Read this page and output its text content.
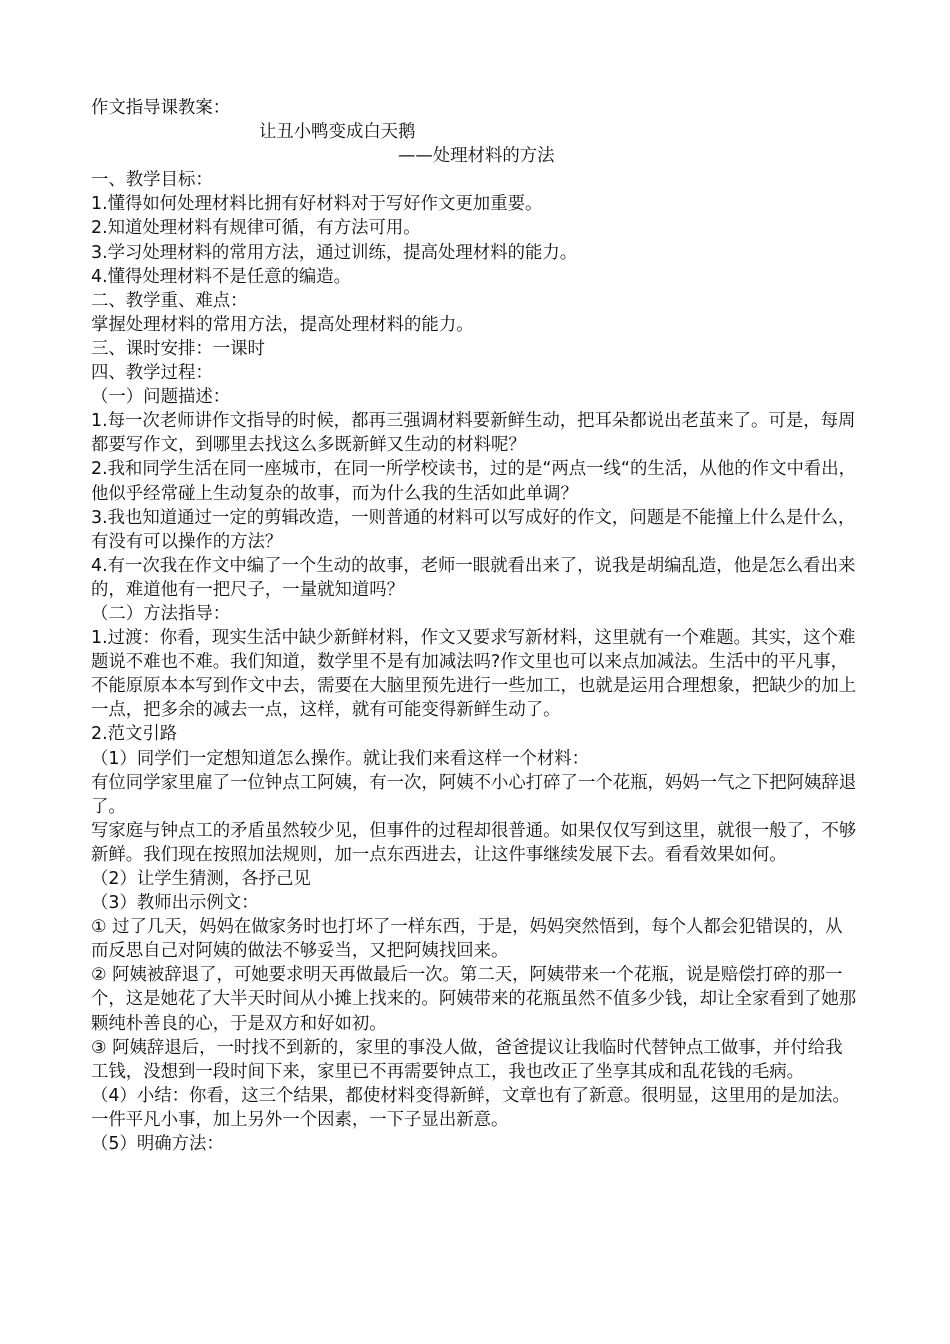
作文指导课教案：

让丑小鸭变成白天鹅

——处理材料的方法

一、教学目标：

1.懂得如何处理材料比拥有好材料对于写好作文更加重要。

2.知道处理材料有规律可循，有方法可用。

3.学习处理材料的常用方法，通过训练，提高处理材料的能力。

4.懂得处理材料不是任意的编造。

二、教学重、难点：

掌握处理材料的常用方法，提高处理材料的能力。

三、课时安排：一课时

四、教学过程：

（一）问题描述：

1.每一次老师讲作文指导的时候，都再三强调材料要新鲜生动，把耳朵都说出老茧来了。可是，每周都要写作文，到哪里去找这么多既新鲜又生动的材料呢？

2.我和同学生活在同一座城市，在同一所学校读书，过的是“两点一线“的生活，从他的作文中看出，他似乎经常碰上生动复杂的故事，而为什么我的生活如此单调？

3.我也知道通过一定的剪辑改造，一则普通的材料可以写成好的作文，问题是不能撞上什么是什么，有没有可以操作的方法？

4.有一次我在作文中编了一个生动的故事，老师一眼就看出来了，说我是胡编乱造，他是怎么看出来的，难道他有一把尺子，一量就知道吗？

（二）方法指导：

1.过渡：你看，现实生活中缺少新鲜材料，作文又要求写新材料，这里就有一个难题。其实，这个难题说不难也不难。我们知道，数学里不是有加减法吗?作文里也可以来点加减法。生活中的平凡事，不能原原本本写到作文中去，需要在大脑里预先进行一些加工，也就是运用合理想象，把缺少的加上一点，把多余的减去一点，这样，就有可能变得新鲜生动了。

2.范文引路

（1）同学们一定想知道怎么操作。就让我们来看这样一个材料：

有位同学家里雇了一位钟点工阿姨，有一次，阿姨不小心打碎了一个花瓶，妈妈一气之下把阿姨辞退了。

写家庭与钟点工的矛盾虽然较少见，但事件的过程却很普通。如果仅仅写到这里，就很一般了，不够新鲜。我们现在按照加法规则，加一点东西进去，让这件事继续发展下去。看看效果如何。

（2）让学生猜测，各抒己见

（3）教师出示例文：

① 过了几天，妈妈在做家务时也打坏了一样东西，于是，妈妈突然悟到，每个人都会犯错误的，从而反思自己对阿姨的做法不够妥当，又把阿姨找回来。

② 阿姨被辞退了，可她要求明天再做最后一次。第二天，阿姨带来一个花瓶，说是赔偿打碎的那一个，这是她花了大半天时间从小摊上找来的。阿姨带来的花瓶虽然不值多少钱，却让全家看到了她那颗纯朴善良的心，于是双方和好如初。

③ 阿姨辞退后，一时找不到新的，家里的事没人做，爸爸提议让我临时代替钟点工做事，并付给我工钱，没想到一段时间下来，家里已不再需要钟点工，我也改正了坐享其成和乱花钱的毛病。

（4）小结：你看，这三个结果，都使材料变得新鲜，文章也有了新意。很明显，这里用的是加法。一件平凡小事，加上另外一个因素，一下子显出新意。

（5）明确方法：
